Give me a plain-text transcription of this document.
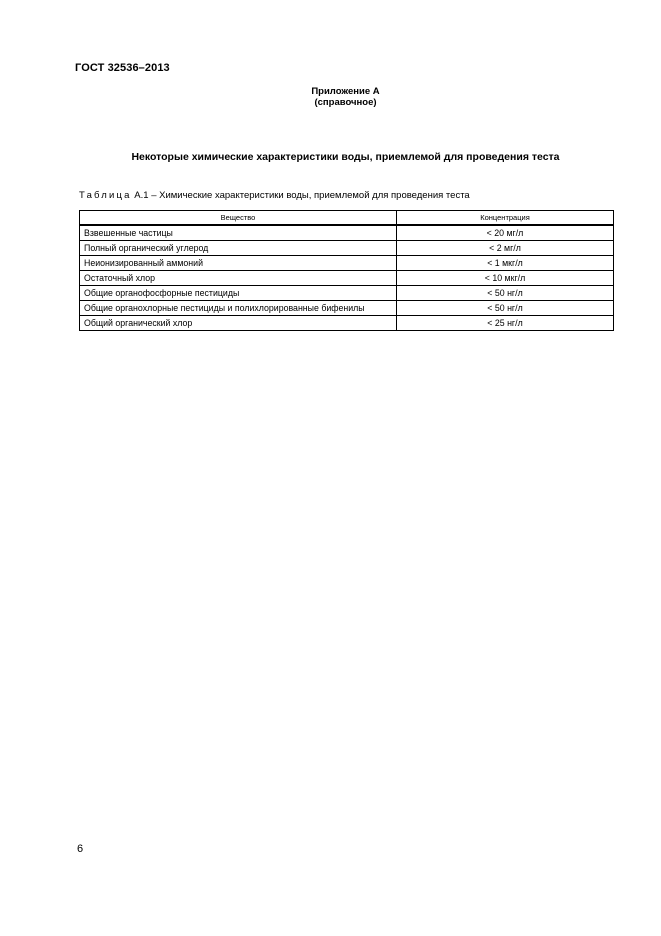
ГОСТ 32536–2013
Приложение А
(справочное)
Некоторые химические характеристики воды, приемлемой для проведения теста
Таблица А.1 – Химические характеристики воды, приемлемой для проведения теста
Вещество	Концентрация
Взвешенные частицы	< 20 мг/л
Полный органический углерод	< 2 мг/л
Неионизированный аммоний	< 1 мкг/л
Остаточный хлор	< 10 мкг/л
Общие органофосфорные пестициды	< 50 нг/л
Общие органохлорные пестициды и полихлорированные бифенилы	< 50 нг/л
Общий органический хлор	< 25 нг/л
6
